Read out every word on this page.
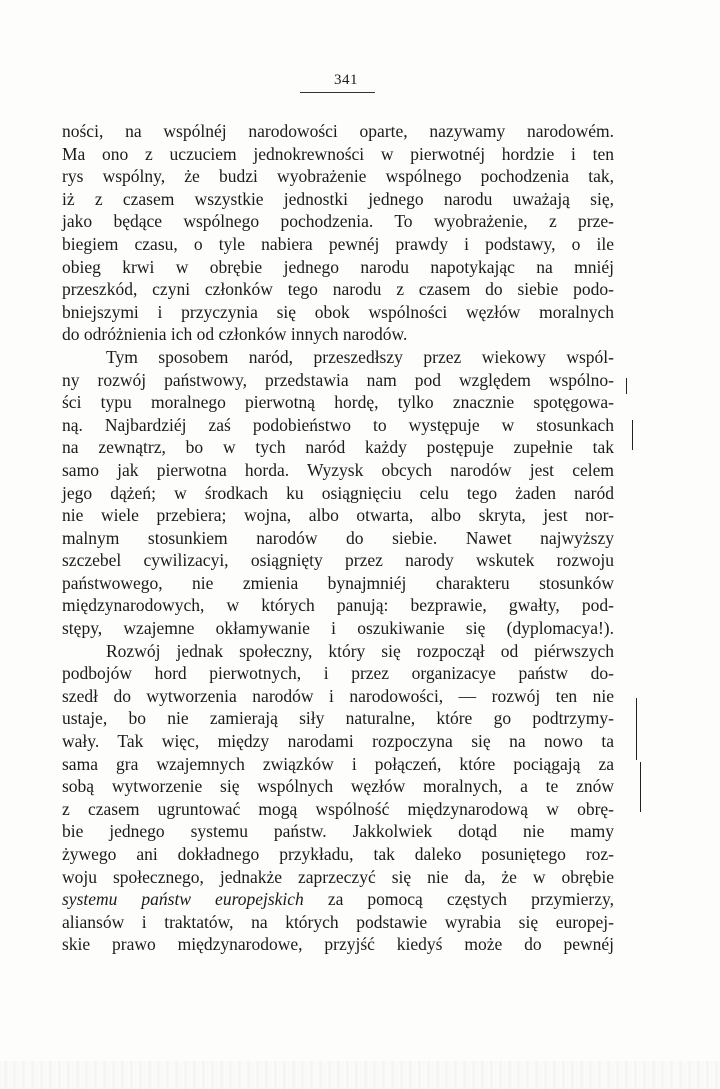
341
ności, na wspólnéj narodowości oparte, nazywamy narodowém.
Ma ono z uczuciem jednokrewności w pierwotnéj hordzie i ten
rys wspólny, że budzi wyobrażenie wspólnego pochodzenia tak,
iż z czasem wszystkie jednostki jednego narodu uważają się,
jako będące wspólnego pochodzenia. To wyobrażenie, z prze-
biegiem czasu, o tyle nabiera pewnéj prawdy i podstawy, o ile
obieg krwi w obrębie jednego narodu napotykając na mniéj
przeszkód, czyni członków tego narodu z czasem do siebie podo-
bniejszymi i przyczynia się obok wspólności węzłów moralnych
do odróżnienia ich od członków innych narodów.
Tym sposobem naród, przeszedłszy przez wiekowy wspól-
ny rozwój państwowy, przedstawia nam pod względem wspólno-
ści typu moralnego pierwotną hordę, tylko znacznie spotęgowa-
ną. Najbardziéj zaś podobieństwo to występuje w stosunkach
na zewnątrz, bo w tych naród każdy postępuje zupełnie tak
samo jak pierwotna horda. Wyzysk obcych narodów jest celem
jego dążeń; w środkach ku osiągnięciu celu tego żaden naród
nie wiele przebiera; wojna, albo otwarta, albo skryta, jest nor-
malnym stosunkiem narodów do siebie. Nawet najwyższy
szczebel cywilizacyi, osiągnięty przez narody wskutek rozwoju
państwowego, nie zmienia bynajmniéj charakteru stosunków
międzynarodowych, w których panują: bezprawie, gwałty, pod-
stępy, wzajemne okłamywanie i oszukiwanie się (dyplomacya!).
Rozwój jednak społeczny, który się rozpoczął od piérwszych
podbojów hord pierwotnych, i przez organizacye państw do-
szedł do wytworzenia narodów i narodowości, — rozwój ten nie
ustaje, bo nie zamierają siły naturalne, które go podtrzymy-
wały. Tak więc, między narodami rozpoczyna się na nowo ta
sama gra wzajemnych związków i połączeń, które pociągają za
sobą wytworzenie się wspólnych węzłów moralnych, a te znów
z czasem ugruntować mogą wspólność międzynarodową w obrę-
bie jednego systemu państw. Jakkolwiek dotąd nie mamy
żywego ani dokładnego przykładu, tak daleko posuniętego roz-
woju społecznego, jednakże zaprzeczyć się nie da, że w obrębie
systemu państw europejskich za pomocą częstych przymierzy,
aliansów i traktatów, na których podstawie wyrabia się europej-
skie prawo międzynarodowe, przyjść kiedyś może do pewnéj
